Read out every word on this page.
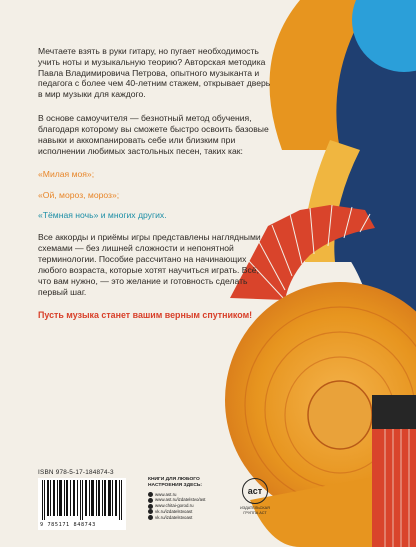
Мечтаете взять в руки гитару, но пугает необходимость учить ноты и музыкальную теорию? Авторская методика Павла Владимировича Петрова, опытного музыканта и педагога с более чем 40-летним стажем, открывает дверь в мир музыки для каждого.

В основе самоучителя — безнотный метод обучения, благодаря которому вы сможете быстро освоить базовые навыки и аккомпанировать себе или близким при исполнении любимых застольных песен, таких как:

«Милая моя»;
«Ой, мороз, мороз»;
«Тёмная ночь» и многих других.

Все аккорды и приёмы игры представлены наглядными схемами — без лишней сложности и непонятной терминологии. Пособие рассчитано на начинающих любого возраста, которые хотят научиться играть. Всё, что вам нужно, — это желание и готовность сделать первый шаг.

Пусть музыка станет вашим верным спутником!

ISBN 978-5-17-184874-3
9 785171 848743
КНИГИ ДЛЯ ЛЮБОГО НАСТРОЕНИЯ ЗДЕСЬ:
www.ast.ru
www.ast.ru/izdatelstvo/ast
www.chitai-gorod.ru
vk.ru/izdatelstvoast
vk.ru/izdatelstvoast
аст
ИЗДАТЕЛЬСКАЯ ГРУППА АСТ
